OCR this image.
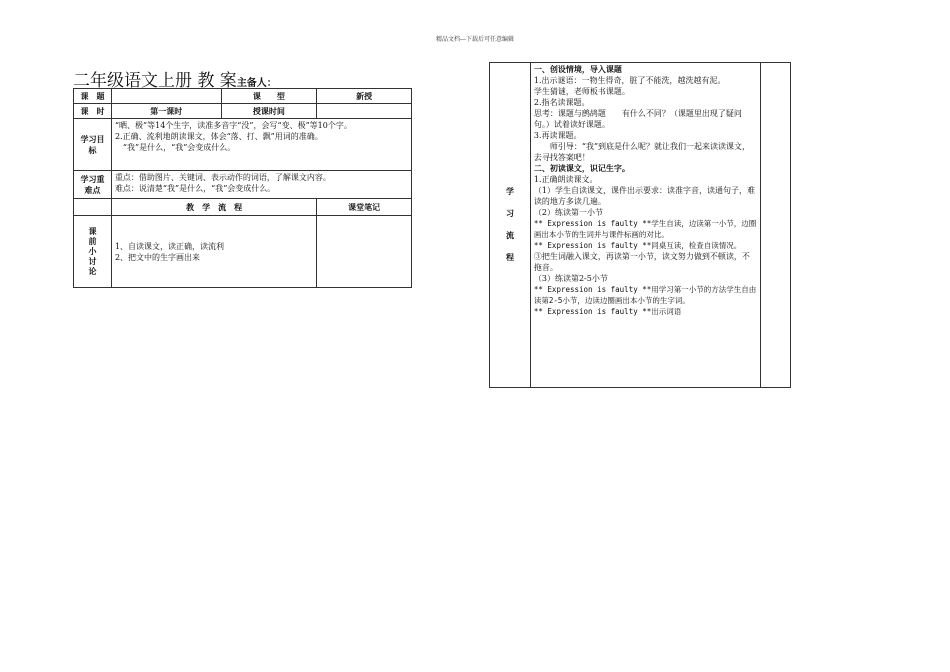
精品文档---下载后可任意编辑
二年级语文上册 教 案主备人：
课　题		课　　型	新授
课　时	第一课时	授课时间	
学习目标	“晒、极”等14个生字，读准多音字“没”，会写“变、极”等10个字。
2.正确、流利地朗读课文，体会“落、打、飘”用词的准确。
　“我”是什么，“我”会变成什么。		

学习重难点	重点：借助图片、关键词、表示动作的词语，了解课文内容。
难点：说清楚“我”是什么，“我”会变成什么。		

	教　学　流　程		课堂笔记
课前小讨论	1、自读课文，读正确，读流利
2、把文中的生字画出来		

学习流程	
一、创设情境，导入课题
1.出示谜语：一物生得奇，脏了不能洗，越洗越有泥。
学生猜谜，老师板书课题。
2.指名读课题。
思考：课题与鹧鸪题　　有什么不同？（课题里出现了疑问句。）试着读好课题。
3.再读课题。
　　师引导：“我”到底是什么呢？就让我们一起来读读课文，去寻找答案吧！
二、初读课文，识记生字。
1.正确朗读课文。
（1）学生自读课文，课件出示要求：读准字音，读通句子，难读的地方多读几遍。
（2）练读第一小节
** Expression is faulty **学生自读，边读第一小节，边圈画出本小节的生词并与课件标画的对比。
** Expression is faulty **同桌互读，检查自读情况。
③把生词融入课文，再读第一小节，读文努力做到不顿读，不拖音。
（3）练读第2-5小节
** Expression is faulty **用学习第一小节的方法学生自由读第2-5小节，边读边圈画出本小节的生字词。
** Expression is faulty **出示词语
